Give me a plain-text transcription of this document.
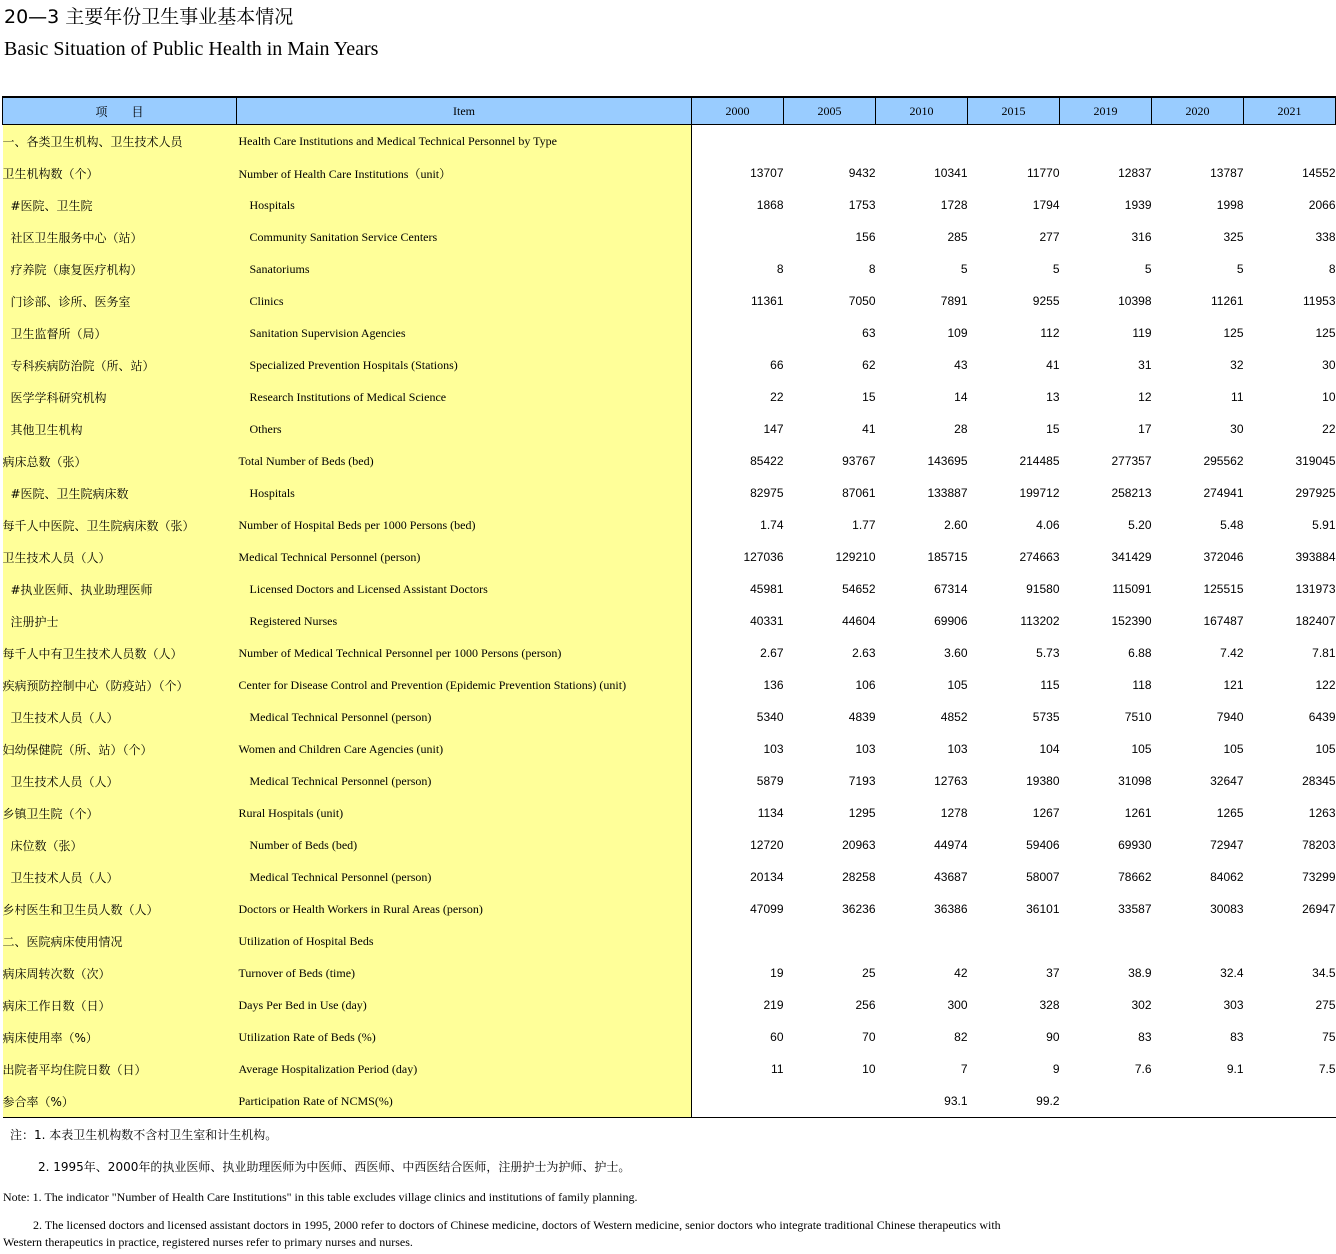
20—3 主要年份卫生事业基本情况
Basic Situation of Public Health in Main Years
项　　目	Item	2000	2005	2010	2015	2019	2020	2021
一、各类卫生机构、卫生技术人员	Health Care Institutions and Medical Technical Personnel by Type							
卫生机构数（个）	Number of Health Care Institutions（unit）	13707	9432	10341	11770	12837	13787	14552
#医院、卫生院	Hospitals	1868	1753	1728	1794	1939	1998	2066
社区卫生服务中心（站）	Community Sanitation Service Centers		156	285	277	316	325	338
疗养院（康复医疗机构）	Sanatoriums	8	8	5	5	5	5	8
门诊部、诊所、医务室	Clinics	11361	7050	7891	9255	10398	11261	11953
卫生监督所（局）	Sanitation Supervision Agencies		63	109	112	119	125	125
专科疾病防治院（所、站）	Specialized Prevention Hospitals (Stations)	66	62	43	41	31	32	30
医学学科研究机构	Research Institutions of Medical Science	22	15	14	13	12	11	10
其他卫生机构	Others	147	41	28	15	17	30	22
病床总数（张）	Total Number of Beds (bed)	85422	93767	143695	214485	277357	295562	319045
#医院、卫生院病床数	Hospitals	82975	87061	133887	199712	258213	274941	297925
每千人中医院、卫生院病床数（张）	Number of Hospital Beds per 1000 Persons (bed)	1.74	1.77	2.60	4.06	5.20	5.48	5.91
卫生技术人员（人）	Medical Technical Personnel (person)	127036	129210	185715	274663	341429	372046	393884
#执业医师、执业助理医师	Licensed Doctors and Licensed Assistant Doctors	45981	54652	67314	91580	115091	125515	131973
注册护士	Registered Nurses	40331	44604	69906	113202	152390	167487	182407
每千人中有卫生技术人员数（人）	Number of Medical Technical Personnel per 1000 Persons (person)	2.67	2.63	3.60	5.73	6.88	7.42	7.81
疾病预防控制中心（防疫站）（个）	Center for Disease Control and Prevention (Epidemic Prevention Stations) (unit)	136	106	105	115	118	121	122
卫生技术人员（人）	Medical Technical Personnel (person)	5340	4839	4852	5735	7510	7940	6439
妇幼保健院（所、站）（个）	Women and Children Care Agencies (unit)	103	103	103	104	105	105	105
卫生技术人员（人）	Medical Technical Personnel (person)	5879	7193	12763	19380	31098	32647	28345
乡镇卫生院（个）	Rural Hospitals (unit)	1134	1295	1278	1267	1261	1265	1263
床位数（张）	Number of Beds (bed)	12720	20963	44974	59406	69930	72947	78203
卫生技术人员（人）	Medical Technical Personnel (person)	20134	28258	43687	58007	78662	84062	73299
乡村医生和卫生员人数（人）	Doctors or Health Workers in Rural Areas (person)	47099	36236	36386	36101	33587	30083	26947
二、医院病床使用情况	Utilization of Hospital Beds							
病床周转次数（次）	Turnover of Beds (time)	19	25	42	37	38.9	32.4	34.5
病床工作日数（日）	Days Per Bed in Use (day)	219	256	300	328	302	303	275
病床使用率（%）	Utilization Rate of Beds (%)	60	70	82	90	83	83	75
出院者平均住院日数（日）	Average Hospitalization Period (day)	11	10	7	9	7.6	9.1	7.5
参合率（%）	Participation Rate of NCMS(%)			93.1	99.2			
注：1. 本表卫生机构数不含村卫生室和计生机构。
2. 1995年、2000年的执业医师、执业助理医师为中医师、西医师、中西医结合医师，注册护士为护师、护士。
Note: 1. The indicator "Number of Health Care Institutions" in this table excludes village clinics and institutions of family planning.
2. The licensed doctors and licensed assistant doctors in 1995, 2000 refer to doctors of Chinese medicine, doctors of Western medicine, senior doctors who integrate traditional Chinese therapeutics with Western therapeutics in practice, registered nurses refer to primary nurses and nurses.
